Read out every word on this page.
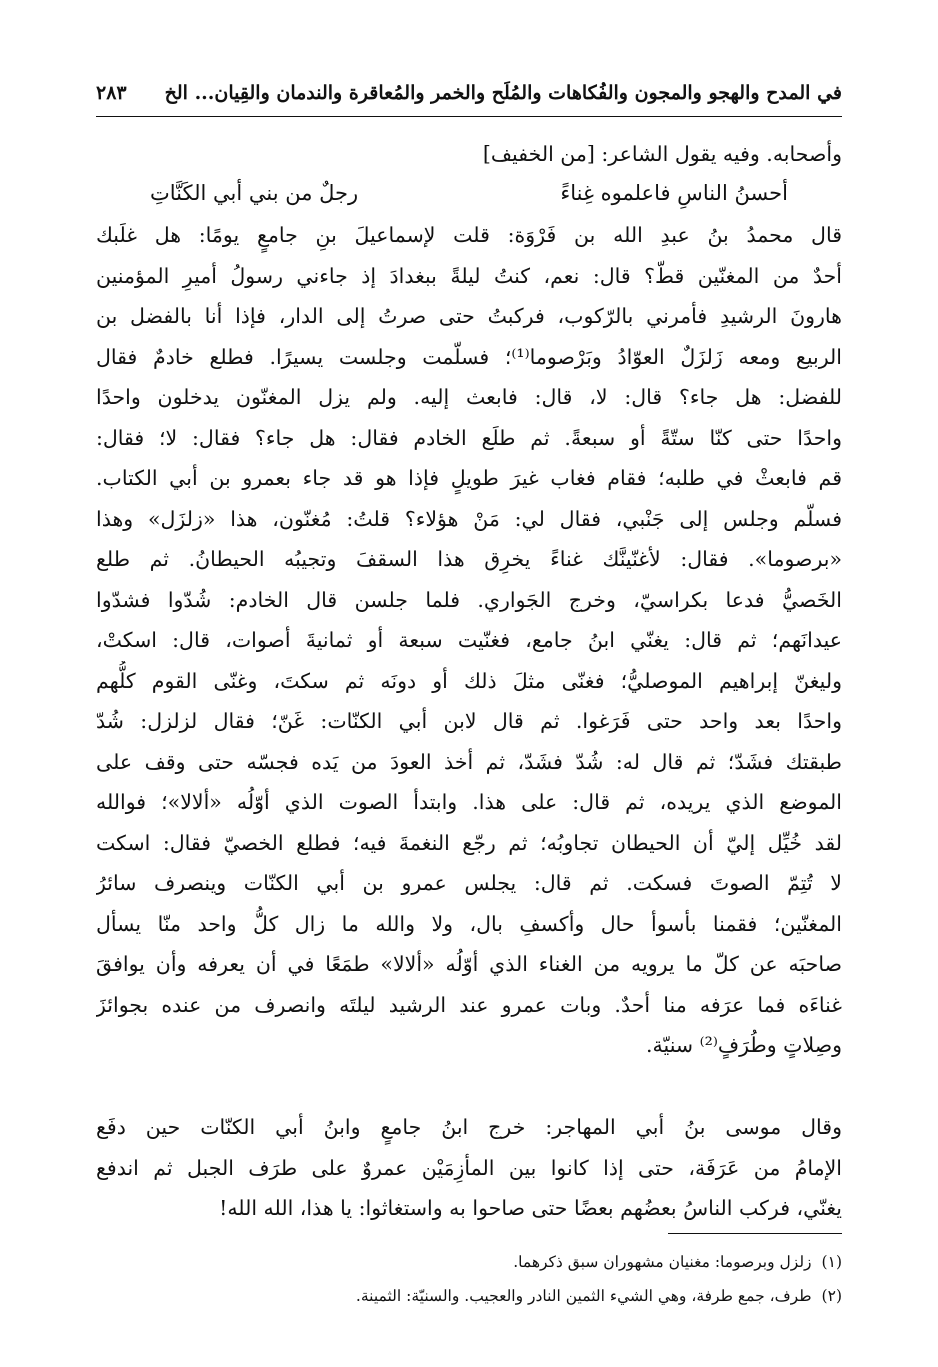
في المدح والهجو والمجون والفُكاهات والمُلَح والخمر والمُعاقرة والندمان والقِيان... الخ
٢٨٣
وأصحابه. وفيه يقول الشاعر: [من الخفيف]
قال محمدُ بنُ عبدِ الله بن فَرْوَة: قلت لإسماعيلَ بنِ جامعٍ يومًا: هل غلَبك
أحدٌ من المغنّين قطّ؟ قال: نعم، كنتُ ليلةً ببغدادَ إذ جاءني رسولُ أميرِ المؤمنين
هارونَ الرشيدِ فأمرني بالرّكوب، فركبتُ حتى صرتُ إلى الدار، فإذا أنا بالفضل بن
الربيع ومعه زَلزَلٌ العوّادُ وبَرْصوما⁽¹⁾؛ فسلّمت وجلست يسيرًا. فطلع خادمٌ فقال
للفضل: هل جاء؟ قال: لا، قال: فابعث إليه. ولم يزل المغنّون يدخلون واحدًا
واحدًا حتى كنّا ستّةً أو سبعةً. ثم طلَع الخادم فقال: هل جاء؟ فقال: لا؛ فقال:
قم فابعثْ في طلبه؛ فقام فغاب غيرَ طويلٍ فإذا هو قد جاء بعمرو بن أبي الكتاب.
فسلّم وجلس إلى جَنْبي، فقال لي: مَنْ هؤلاء؟ قلتُ: مُغنّون، هذا «زلزَل» وهذا
«برصوما». فقال: لأغنّينَّك غناءً يخرِق هذا السقفَ وتجيبُه الحيطانُ. ثم طلع
الخَصيُّ فدعا بكراسيّ، وخرج الجَواري. فلما جلسن قال الخادم: شُدّوا فشدّوا
عيدانَهم؛ ثم قال: يغنّي ابنُ جامع، فغنّيت سبعة أو ثمانيةَ أصوات، قال: اسكتْ،
وليغنّ إبراهيم الموصليُّ؛ فغنّى مثلَ ذلك أو دونَه ثم سكتَ، وغنّى القوم كلُّهم
واحدًا بعد واحد حتى فَرَغوا. ثم قال لابن أبي الكنّات: غَنّ؛ فقال لزلزل: شُدّ
طبقتك فشَدّ؛ ثم قال له: شُدّ فشَدّ، ثم أخذ العودَ من يَده فجسّه حتى وقف على
الموضع الذي يريده، ثم قال: على هذا. وابتدأ الصوت الذي أوّلُه «ألالا»؛ فوالله
لقد خُيِّل إليّ أن الحيطان تجاوبُه؛ ثم رجّع النغمةَ فيه؛ فطلع الخصيّ فقال: اسكت
لا تُتِمّ الصوتَ فسكت. ثم قال: يجلس عمرو بن أبي الكنّات وينصرف سائرُ
المغنّين؛ فقمنا بأسوأ حال وأكسفِ بال، ولا والله ما زال كلُّ واحد منّا يسأل
صاحبَه عن كلّ ما يرويه من الغناء الذي أوّلُه «ألالا» طمَعًا في أن يعرفه وأن يوافقَ
غناءَه فما عرَفه منا أحدٌ. وبات عمرو عند الرشيد ليلتَه وانصرف من عنده بجوائزَ
وصِلاتٍ وطُرَفٍ⁽²⁾ سنيّة.
أحسنُ الناسِ فاعلموه غِناءً
رجلٌ من بني أبي الكَنَّاتِ
وقال موسى بنُ أبي المهاجر: خرج ابنُ جامعٍ وابنُ أبي الكنّات حين دفَع
الإمامُ من عَرَفَة، حتى إذا كانوا بين المأزِمَيْن عمروٌ على طرَف الجبل ثم اندفع
يغنّي، فركب الناسُ بعضُهم بعضًا حتى صاحوا به واستغاثوا: يا هذا، الله الله!
(١)زلزل وبرصوما: مغنيان مشهوران سبق ذكرهما.
(٢)طرف، جمع طرفة، وهي الشيء الثمين النادر والعجيب. والسنيّة: الثمينة.
